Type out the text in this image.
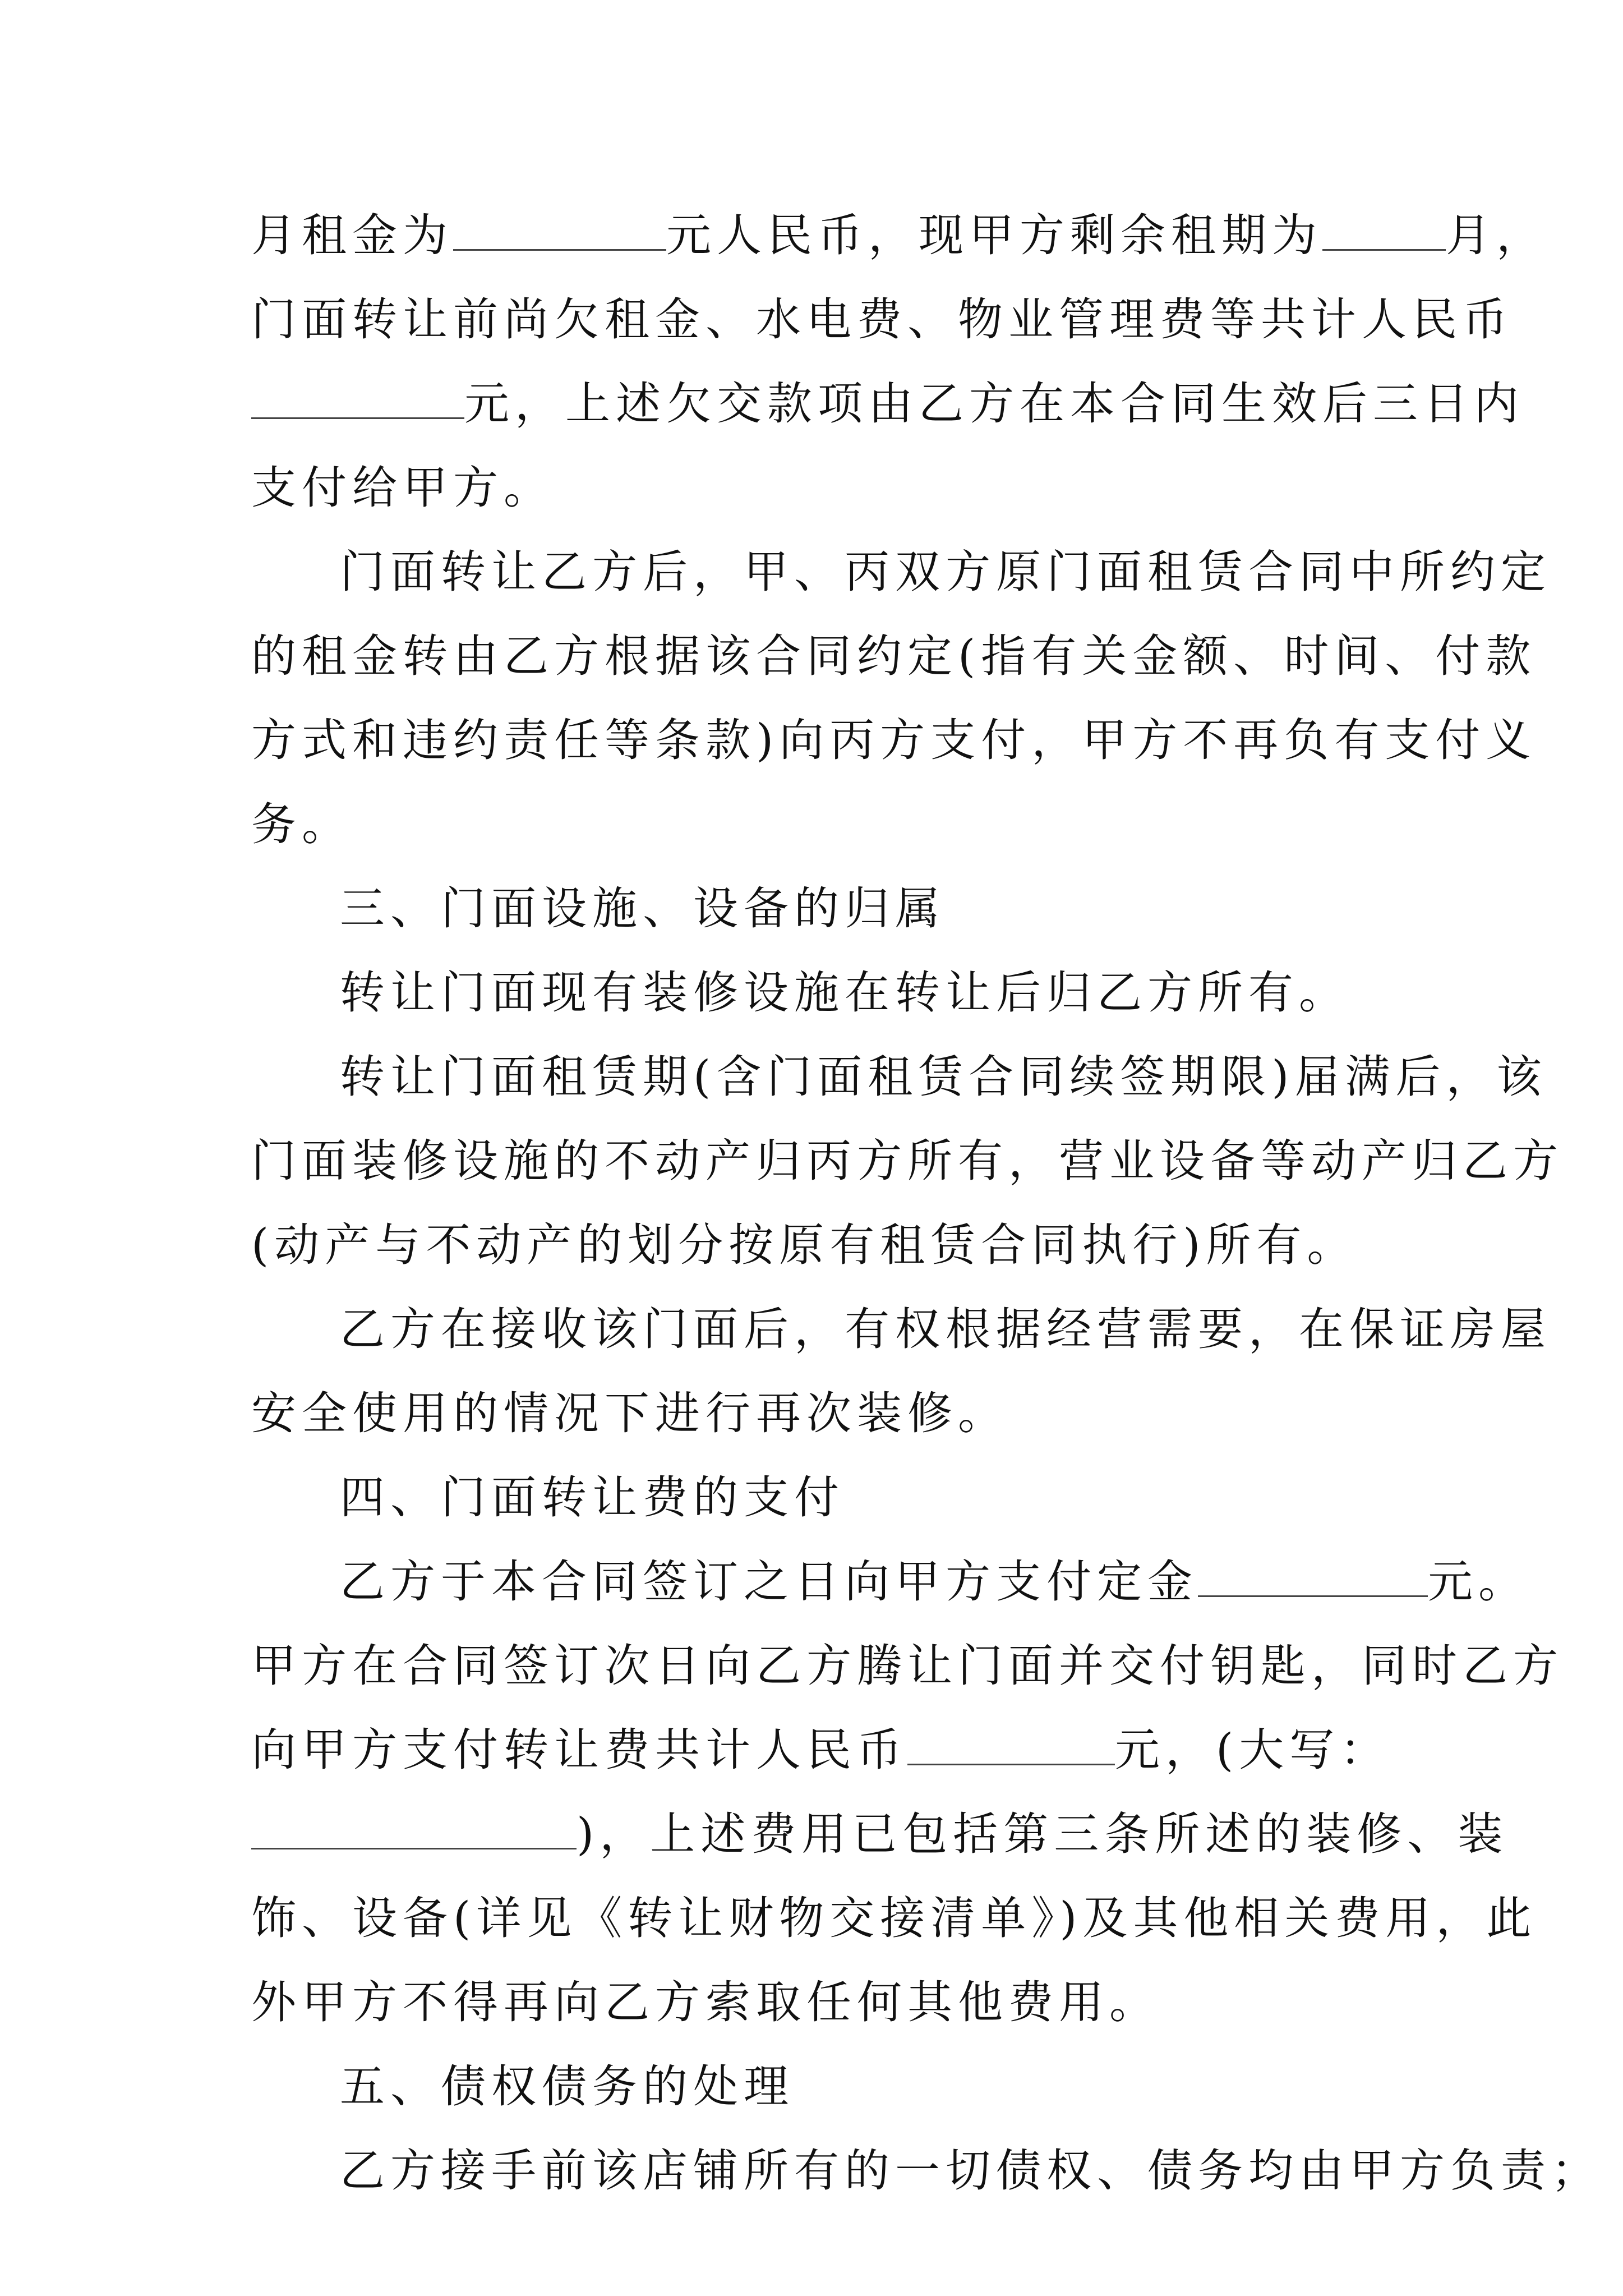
月租金为	元人民币，现甲方剩余租期为	月，
门面转让前尚欠租金、水电费、物业管理费等共计人民币
元，上述欠交款项由乙方在本合同生效后三日内
支付给甲方。
门面转让乙方后，甲、丙双方原门面租赁合同中所约定
的租金转由乙方根据该合同约定(指有关金额、时间、付款
方式和违约责任等条款)向丙方支付，甲方不再负有支付义
务。
三、门面设施、设备的归属
转让门面现有装修设施在转让后归乙方所有。
转让门面租赁期(含门面租赁合同续签期限)届满后，该
门面装修设施的不动产归丙方所有，营业设备等动产归乙方
(动产与不动产的划分按原有租赁合同执行)所有。
乙方在接收该门面后，有权根据经营需要，在保证房屋
安全使用的情况下进行再次装修。
四、门面转让费的支付
乙方于本合同签订之日向甲方支付定金	元。
甲方在合同签订次日向乙方腾让门面并交付钥匙，同时乙方
向甲方支付转让费共计人民币	元，(大写：
)，上述费用已包括第三条所述的装修、装
饰、设备(详见《转让财物交接清单》)及其他相关费用，此
外甲方不得再向乙方索取任何其他费用。
五、债权债务的处理
乙方接手前该店铺所有的一切债权、债务均由甲方负责；
